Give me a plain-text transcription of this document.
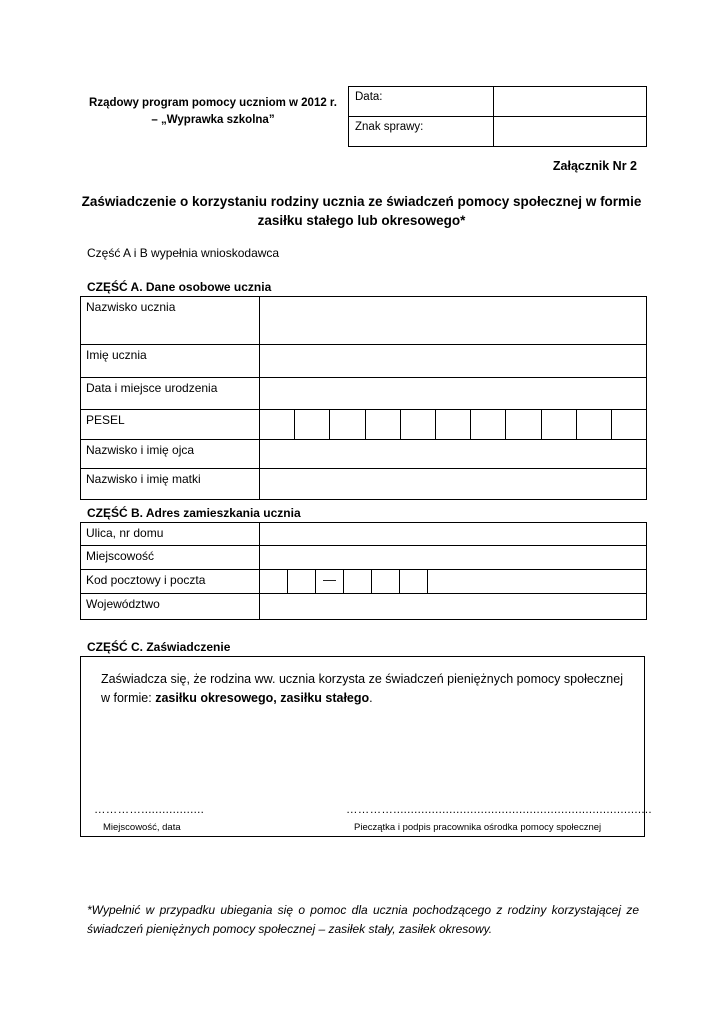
Rządowy program pomocy uczniom w 2012 r.
– „Wyprawka szkolna”
Data:	
Znak sprawy:	
Załącznik Nr 2
Zaświadczenie o korzystaniu rodziny ucznia ze świadczeń pomocy społecznej w formie zasiłku stałego lub okresowego*
Część A i B wypełnia wnioskodawca
CZĘŚĆ A. Dane osobowe ucznia
Nazwisko ucznia	
Imię ucznia	
Data i miejsce urodzenia	
PESEL	

Nazwisko i imię ojca	
Nazwisko i imię matki	
CZĘŚĆ B. Adres zamieszkania ucznia
Ulica, nr domu	
Miejscowość	
Kod pocztowy i poczta	—

Województwo	
CZĘŚĆ C. Zaświadczenie
Zaświadcza się, że rodzina ww. ucznia korzysta ze świadczeń pieniężnych pomocy społecznej w formie: zasiłku okresowego, zasiłku stałego.
…………..................	…………..........................................................................
Miejscowość, data	Pieczątka i podpis pracownika ośrodka pomocy społecznej
*Wypełnić w przypadku ubiegania się o pomoc dla ucznia pochodzącego z rodziny korzystającej ze świadczeń pieniężnych pomocy społecznej – zasiłek stały, zasiłek okresowy.
